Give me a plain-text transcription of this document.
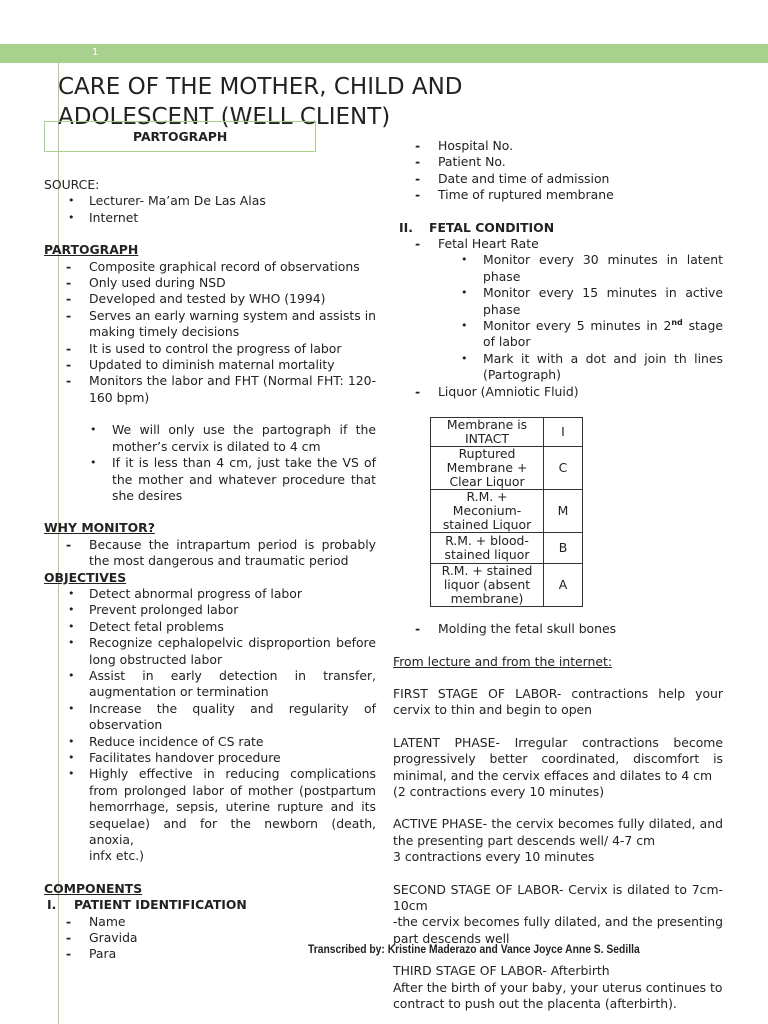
1
CARE OF THE MOTHER, CHILD AND ADOLESCENT (WELL CLIENT)
PARTOGRAPH
SOURCE:
• Lecturer- Ma’am De Las Alas
• Internet
PARTOGRAPH
- Composite graphical record of observations
- Only used during NSD
- Developed and tested by WHO (1994)
- Serves an early warning system and assists in making timely decisions
- It is used to control the progress of labor
- Updated to diminish maternal mortality
- Monitors the labor and FHT (Normal FHT: 120-160 bpm)
• We will only use the partograph if the mother’s cervix is dilated to 4 cm
• If it is less than 4 cm, just take the VS of the mother and whatever procedure that she desires
WHY MONITOR?
- Because the intrapartum period is probably the most dangerous and traumatic period
OBJECTIVES
• Detect abnormal progress of labor
• Prevent prolonged labor
• Detect fetal problems
• Recognize cephalopelvic disproportion before long obstructed labor
• Assist in early detection in transfer, augmentation or termination
• Increase the quality and regularity of observation
• Reduce incidence of CS rate
• Facilitates handover procedure
• Highly effective in reducing complications from prolonged labor of mother (postpartum hemorrhage, sepsis, uterine rupture and its sequelae) and for the newborn (death, anoxia,
infx etc.)
COMPONENTS
I. PATIENT IDENTIFICATION
- Name
- Gravida
- Para
- Hospital No.
- Patient No.
- Date and time of admission
- Time of ruptured membrane
II. FETAL CONDITION
- Fetal Heart Rate
• Monitor every 30 minutes in latent phase
• Monitor every 15 minutes in active phase
• Monitor every 5 minutes in 2nd stage of labor
• Mark it with a dot and join th lines (Partograph)
- Liquor (Amniotic Fluid)
Membrane is INTACT	I
Ruptured Membrane + Clear Liquor	C
R.M. + Meconium-stained Liquor	M
R.M. + blood-stained liquor	B
R.M. + stained liquor (absent membrane)	A
- Molding the fetal skull bones
From lecture and from the internet:
FIRST STAGE OF LABOR- contractions help your cervix to thin and begin to open
LATENT PHASE- Irregular contractions become progressively better coordinated, discomfort is minimal, and the cervix effaces and dilates to 4 cm
(2 contractions every 10 minutes)
ACTIVE PHASE- the cervix becomes fully dilated, and the presenting part descends well/ 4-7 cm
3 contractions every 10 minutes
SECOND STAGE OF LABOR- Cervix is dilated to 7cm-10cm
-the cervix becomes fully dilated, and the presenting part descends well
THIRD STAGE OF LABOR- Afterbirth
After the birth of your baby, your uterus continues to contract to push out the placenta (afterbirth).
Transcribed by: Kristine Maderazo and Vance Joyce Anne S. Sedilla
